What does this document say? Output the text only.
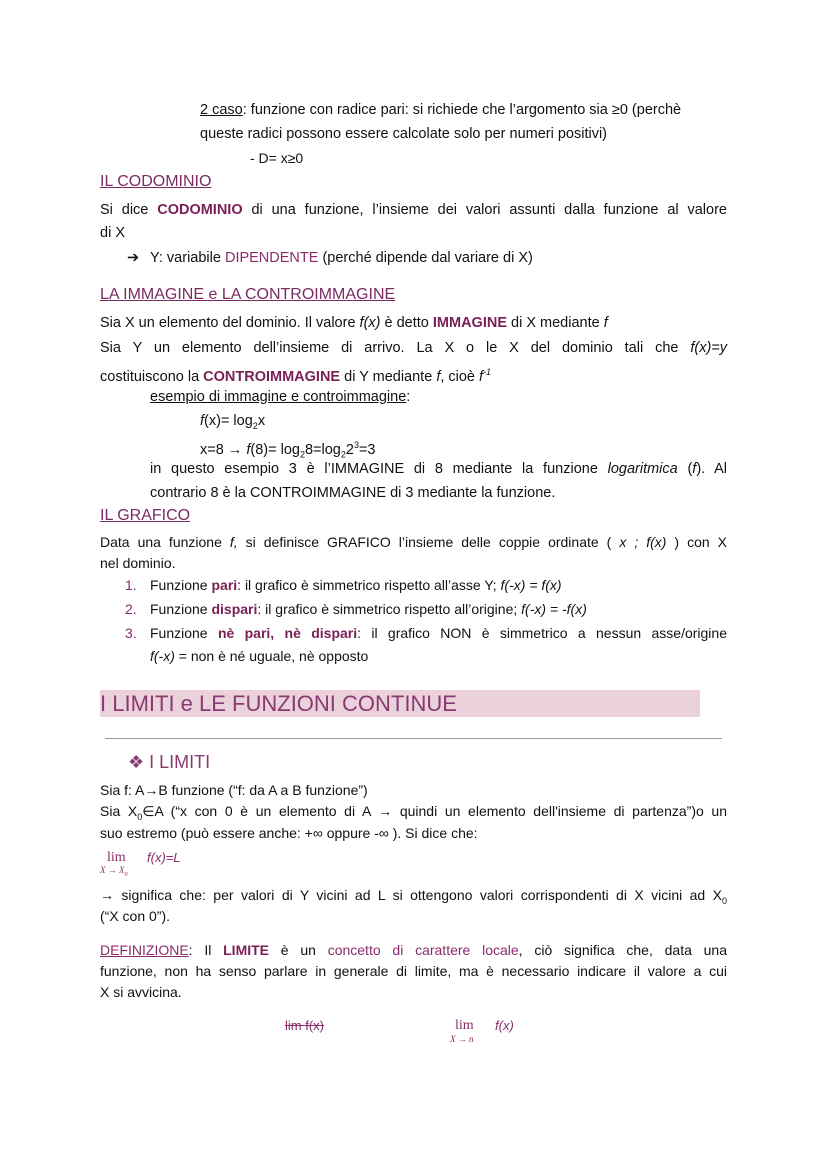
2 caso: funzione con radice pari: si richiede che l’argomento sia ≥0 (perchè
queste radici possono essere calcolate solo per numeri positivi)
- D= x≥0
IL CODOMINIO
Si dice CODOMINIO di una funzione, l’insieme dei valori assunti dalla funzione al valore
di X
➔ Y: variabile DIPENDENTE (perché dipende dal variare di X)
LA IMMAGINE e LA CONTROIMMAGINE
Sia X un elemento del dominio. Il valore f(x) è detto IMMAGINE di X mediante f
Sia Y un elemento dell’insieme di arrivo. La X o le X del dominio tali che f(x)=y
costituiscono la CONTROIMMAGINE di Y mediante f, cioè $f^{-1}$
esempio di immagine e controimmagine:
$f(x)= \log_2x$
$x=8 \to f(8)= \log_28=\log_22^3=3$
in questo esempio 3 è l’IMMAGINE di 8 mediante la funzione logaritmica (f). Al
contrario 8 è la CONTROIMMAGINE di 3 mediante la funzione.
IL GRAFICO
Data una funzione f, si definisce GRAFICO l’insieme delle coppie ordinate ( x ; f(x) ) con X
nel dominio.
1. Funzione pari: il grafico è simmetrico rispetto all’asse Y; f(-x) = f(x)
2. Funzione dispari: il grafico è simmetrico rispetto all’origine; f(-x) = -f(x)
3. Funzione nè pari, nè dispari: il grafico NON è simmetrico a nessun asse/origine
f(-x) = non è né uguale, nè opposto
I LIMITI e LE FUNZIONI CONTINUE
❖ I LIMITI
Sia f: A→B funzione (“f: da A a B funzione”)
Sia $X_0\in A$ (“x con 0 è un elemento di A → quindi un elemento dell'insieme di partenza”)o un
suo estremo (può essere anche: +∞ oppure -∞ ). Si dice che:
lim f(x)=L
$X \to X_0$
→ significa che: per valori di Y vicini ad L si ottengono valori corrispondenti di X vicini ad $X_0$
(“X con 0”).
DEFINIZIONE: Il LIMITE è un concetto di carattere locale, ciò significa che, data una
funzione, non ha senso parlare in generale di limite, ma è necessario indicare il valore a cui
X si avvicina.
lim f(x)	lim f(x)
X → n
